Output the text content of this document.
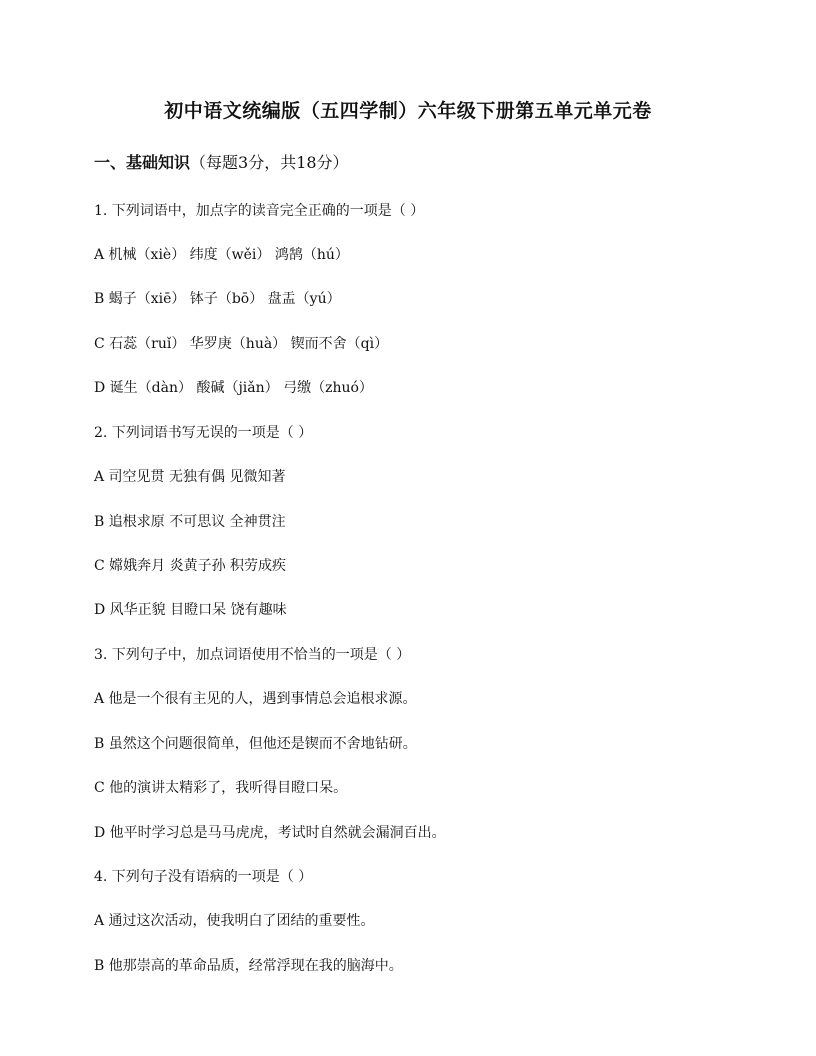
初中语文统编版（五四学制）六年级下册第五单元单元卷
一、基础知识（每题3分，共18分）
1. 下列词语中，加点字的读音完全正确的一项是（ ）
A 机械（xiè） 纬度（wěi） 鸿鹄（hú）
B 蝎子（xiē） 钵子（bō） 盘盂（yú）
C 石蕊（ruǐ） 华罗庚（huà） 锲而不舍（qì）
D 诞生（dàn） 酸碱（jiǎn） 弓缴（zhuó）
2. 下列词语书写无误的一项是（ ）
A 司空见贯 无独有偶 见微知著
B 追根求原 不可思议 全神贯注
C 嫦娥奔月 炎黄子孙 积劳成疾
D 风华正貌 目瞪口呆 饶有趣味
3. 下列句子中，加点词语使用不恰当的一项是（ ）
A 他是一个很有主见的人，遇到事情总会追根求源。
B 虽然这个问题很简单，但他还是锲而不舍地钻研。
C 他的演讲太精彩了，我听得目瞪口呆。
D 他平时学习总是马马虎虎，考试时自然就会漏洞百出。
4. 下列句子没有语病的一项是（ ）
A 通过这次活动，使我明白了团结的重要性。
B 他那崇高的革命品质，经常浮现在我的脑海中。
